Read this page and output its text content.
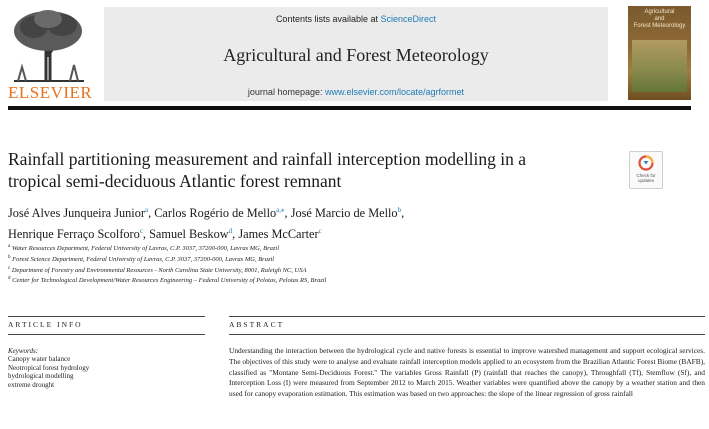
ELSEVIER
Contents lists available at ScienceDirect
Agricultural and Forest Meteorology
journal homepage: www.elsevier.com/locate/agrformet
Agricultural
and
Forest Meteorology
Rainfall partitioning measurement and rainfall interception modelling in a
tropical semi-deciduous Atlantic forest remnant	Check for
updates
José Alves Junqueira Junior$^a$, Carlos Rogério de Mello$^{a,⁎}$, José Marcio de Mello$^b$,
Henrique Ferraço Scolforo$^c$, Samuel Beskow$^d$, James McCarter$^c$
$^a$ Water Resources Department, Federal University of Lavras, C.P. 3037, 37200-000, Lavras MG, Brazil
$^b$ Forest Science Department, Federal University of Lavras, C.P. 3037, 37200-000, Lavras MG, Brazil
$^c$ Department of Forestry and Environmental Resources - North Carolina State University, 8001, Raleigh NC, USA
$^d$ Center for Technological Development/Water Resources Engineering – Federal University of Pelotas, Pelotas RS, Brazil
ARTICLE INFO	ABSTRACT
Keywords:
Canopy water balance
Neotropical forest hydrology
hydrological modelling
extreme drought

Understanding the interaction between the hydrological cycle and native forests is essential to improve watershed management and support ecological services. The objectives of this study were to analyse and evaluate rainfall interception models applied to an ecosystem from the Brazilian Atlantic Forest Biome (BAFB), classified as "Montane Semi-Deciduous Forest." The variables Gross Rainfall (P) (rainfall that reaches the canopy), Throughfall (Tf), Stemflow (Sf), and Interception Loss (I) were measured from September 2012 to March 2015. Weather variables were quantified above the canopy by a weather station and then used for canopy evaporation estimation. This estimation was based on two approaches: the slope of the linear regression of gross rainfall
